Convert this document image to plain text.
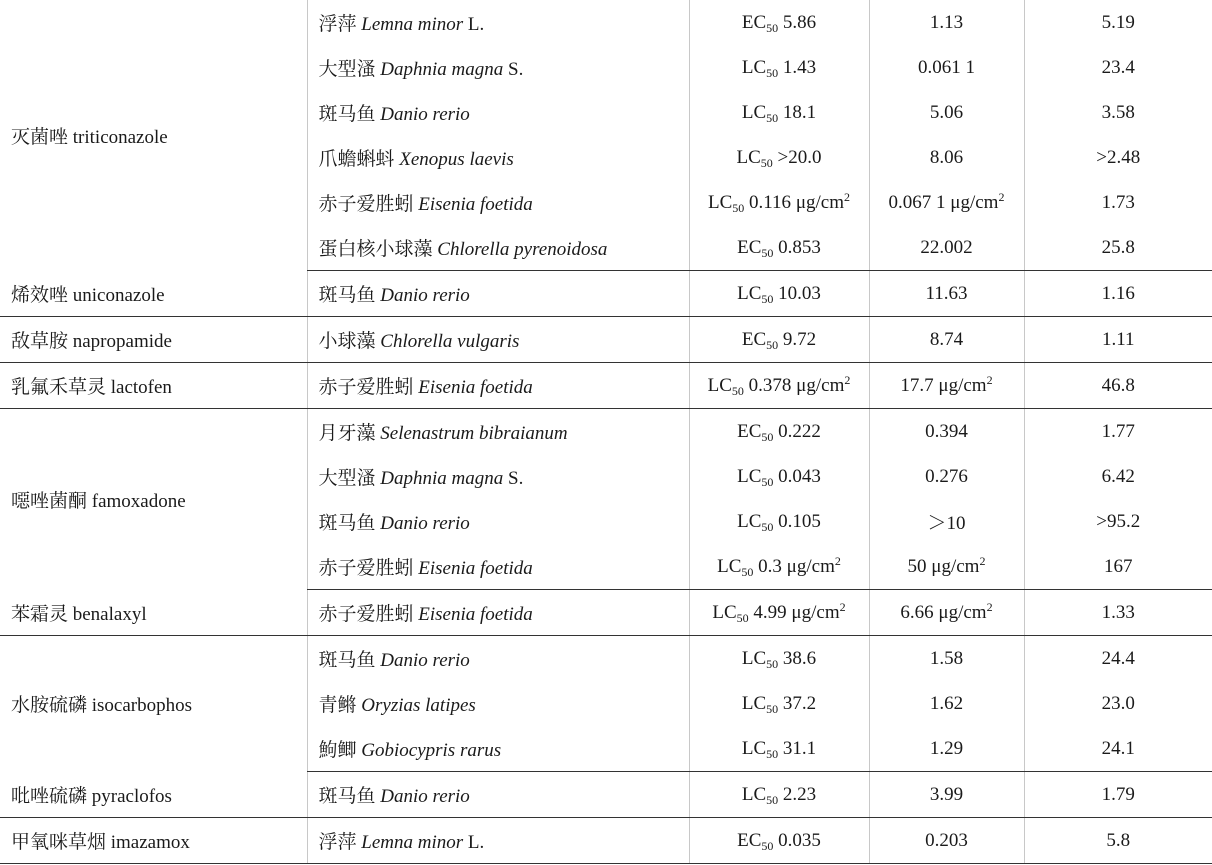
灭菌唑 triticonazole	浮萍 Lemna minor L.	$EC_{50}$ 5.86	1.13	5.19
	大型溞 Daphnia magna S.	$LC_{50}$ 1.43	0.061 1	23.4
	斑马鱼 Danio rerio	$LC_{50}$ 18.1	5.06	3.58
	爪蟾蝌蚪 Xenopus laevis	$LC_{50} >20.0$	8.06	>2.48
	赤子爱胜蚓 Eisenia foetida	$LC_{50}$ 0.116 $\mu g/cm^2$	0.067 1 $\mu g/cm^2$	1.73
	蛋白核小球藻 Chlorella pyrenoidosa	$EC_{50}$ 0.853	22.002	25.8
烯效唑 uniconazole	斑马鱼 Danio rerio	$LC_{50}$ 10.03	11.63	1.16
敌草胺 napropamide	小球藻 Chlorella vulgaris	$EC_{50}$ 9.72	8.74	1.11
乳氟禾草灵 lactofen	赤子爱胜蚓 Eisenia foetida	$LC_{50}$ 0.378 $\mu g/cm^2$	17.7 $\mu g/cm^2$	46.8
噁唑菌酮 famoxadone	月牙藻 Selenastrum bibraianum	$EC_{50}$ 0.222	0.394	1.77
	大型溞 Daphnia magna S.	$LC_{50}$ 0.043	0.276	6.42
	斑马鱼 Danio rerio	$LC_{50}$ 0.105	＞10	>95.2
	赤子爱胜蚓 Eisenia foetida	$LC_{50}$ 0.3 $\mu g/cm^2$	50 $\mu g/cm^2$	167
苯霜灵 benalaxyl	赤子爱胜蚓 Eisenia foetida	$LC_{50}$ 4.99 $\mu g/cm^2$	6.66 $\mu g/cm^2$	1.33
水胺硫磷 isocarbophos	斑马鱼 Danio rerio	$LC_{50}$ 38.6	1.58	24.4
	青鳉 Oryzias latipes	$LC_{50}$ 37.2	1.62	23.0
	鮈鲫 Gobiocypris rarus	$LC_{50}$ 31.1	1.29	24.1
吡唑硫磷 pyraclofos	斑马鱼 Danio rerio	$LC_{50}$ 2.23	3.99	1.79
甲氧咪草烟 imazamox	浮萍 Lemna minor L.	$EC_{50}$ 0.035	0.203	5.8
